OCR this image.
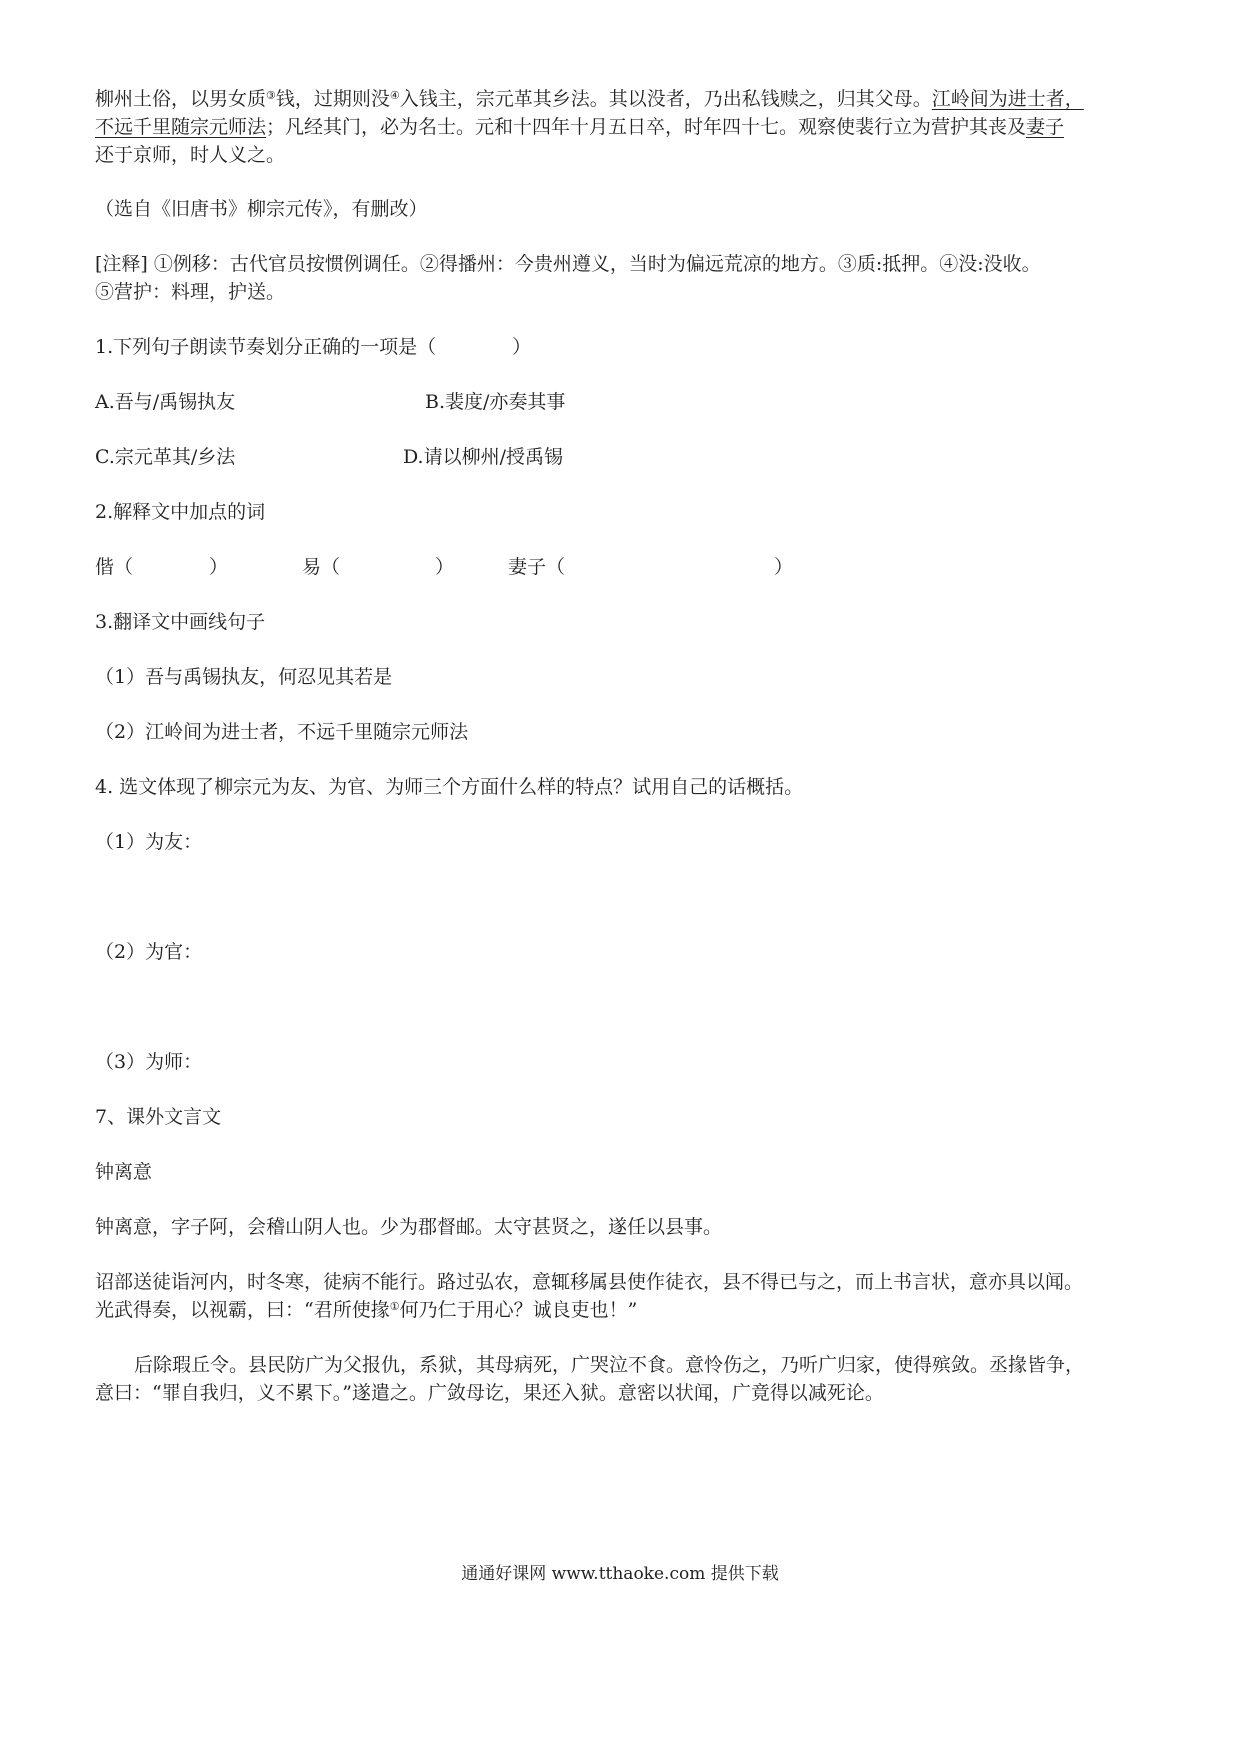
柳州土俗，以男女质③钱，过期则没④入钱主，宗元革其乡法。其以没者，乃出私钱赎之，归其父母。江岭间为进士者，
不远千里随宗元师法；凡经其门，必为名士。元和十四年十月五日卒，时年四十七。观察使裴行立为营护其丧及妻子
还于京师，时人义之。
（选自《旧唐书》柳宗元传》，有删改）
[注释] ①例移：古代官员按惯例调任。②得播州：今贵州遵义，当时为偏远荒凉的地方。③质:抵押。④没:没收。
⑤营护：料理，护送。
1.下列句子朗读节奏划分正确的一项是（　　　　）
A.吾与/禹锡执友	B.裴度/亦奏其事
C.宗元革其/乡法	D.请以柳州/授禹锡
2.解释文中加点的词
偕（　　　　）	易（　　　　　）	妻子（　　　　　　　　　　　）
3.翻译文中画线句子
（1）吾与禹锡执友，何忍见其若是
（2）江岭间为进士者，不远千里随宗元师法
4. 选文体现了柳宗元为友、为官、为师三个方面什么样的特点？试用自己的话概括。
（1）为友：
（2）为官：
（3）为师：
7、课外文言文
钟离意
钟离意，字子阿，会稽山阴人也。少为郡督邮。太守甚贤之，遂任以县事。
诏部送徒诣河内，时冬寒，徒病不能行。路过弘农，意辄移属县使作徒衣，县不得已与之，而上书言状，意亦具以闻。
光武得奏，以视霸，曰：“君所使掾①何乃仁于用心？诚良吏也！”
后除瑕丘令。县民防广为父报仇，系狱，其母病死，广哭泣不食。意怜伤之，乃听广归家，使得殡敛。丞掾皆争，
意曰：“罪自我归，义不累下。”遂遣之。广敛母讫，果还入狱。意密以状闻，广竟得以减死论。
通通好课网 www.tthaoke.com 提供下载
